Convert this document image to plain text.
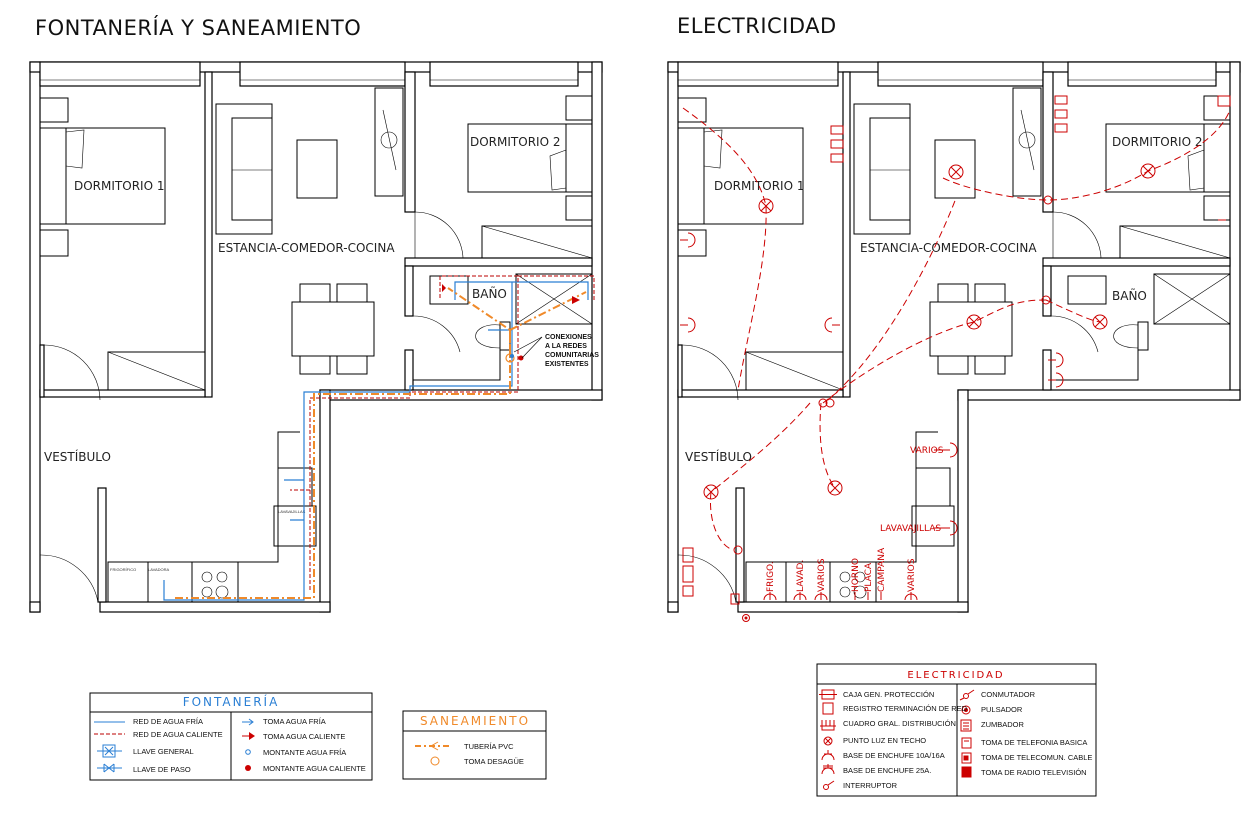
FONTANERÍA Y SANEAMIENTO
DORMITORIO 1
DORMITORIO 2
ESTANCIA-COMEDOR-COCINA
BAÑO
VESTÍBULO
FRIGORÍFICO	LAVADORA
LAVAVAJILLAS
CONEXIONES
A LA REDES
COMUNITARIAS
EXISTENTES
ELECTRICIDAD
DORMITORIO 1
DORMITORIO 2
ESTANCIA-COMEDOR-COCINA
BAÑO
VESTÍBULO	VARIOS
LAVAVAJILLAS
FRIGO. LAVAD. VARIOS	HORNO PLACA CAMPANA VARIOS
FONTANERÍA
RED DE AGUA FRÍA
RED DE AGUA CALIENTE
LLAVE GENERAL
LLAVE DE PASO
TOMA AGUA FRÍA
TOMA AGUA CALIENTE
MONTANTE AGUA FRÍA
MONTANTE AGUA CALIENTE
SANEAMIENTO
TUBERÍA PVC
TOMA DESAGÜE
ELECTRICIDAD
CAJA GEN. PROTECCIÓN
REGISTRO TERMINACIÓN DE RED
CUADRO GRAL. DISTRIBUCIÓN
PUNTO LUZ EN TECHO
BASE DE ENCHUFE 10A/16A
BASE DE ENCHUFE 25A.
INTERRUPTOR
CONMUTADOR
PULSADOR
ZUMBADOR
TOMA DE TELEFONIA BASICA
TOMA DE TELECOMUN. CABLE
TOMA DE RADIO TELEVISIÓN
